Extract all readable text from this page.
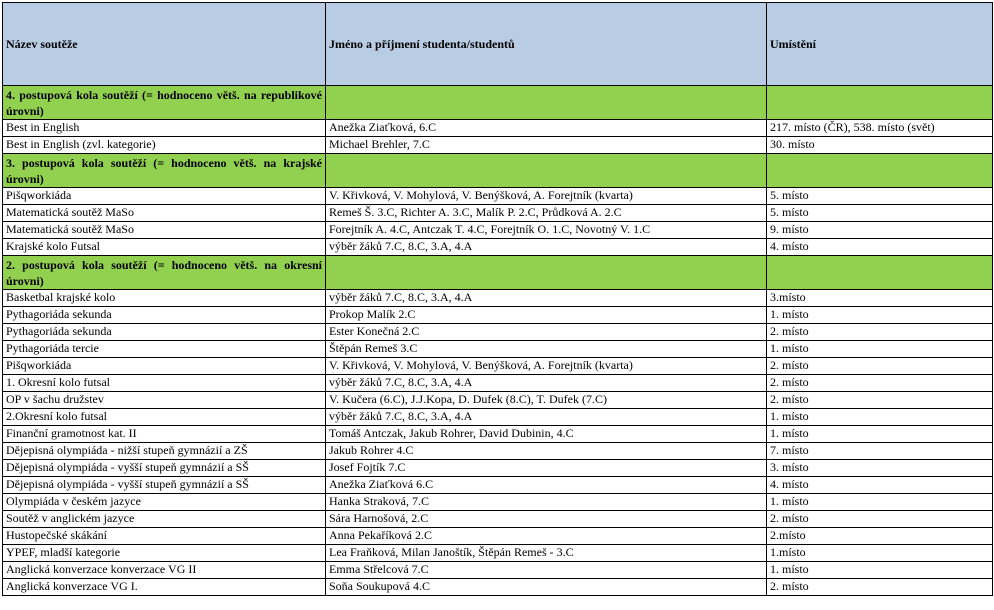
Název soutěže	Jméno a příjmení studenta/studentů	Umístění
4. postupová kola soutěží (= hodnoceno větš. na republikové úrovni)		
Best in English	Anežka Ziaťková, 6.C	217. místo (ČR), 538. místo (svět)
Best in English (zvl. kategorie)	Michael Brehler, 7.C	30. místo
3. postupová kola soutěží (= hodnoceno větš. na krajské úrovni)		
Pišqworkiáda	V. Křivková, V. Mohylová, V. Benýšková, A. Forejtník (kvarta)	5. místo
Matematická soutěž MaSo	Remeš Š. 3.C, Richter A. 3.C, Malík P. 2.C, Průdková A. 2.C	5. místo
Matematická soutěž MaSo	Forejtník A. 4.C, Antczak T. 4.C, Forejtník O. 1.C, Novotný V. 1.C	9. místo
Krajské kolo Futsal	výběr žáků 7.C, 8.C, 3.A, 4.A	4. místo
2. postupová kola soutěží (= hodnoceno větš. na okresní úrovni)		
Basketbal krajské kolo	výběr žáků 7.C, 8.C, 3.A, 4.A	3.místo
Pythagoriáda sekunda	Prokop Malík 2.C	1. místo
Pythagoriáda sekunda	Ester Konečná 2.C	2. místo
Pythagoriáda tercie	Štěpán Remeš 3.C	1. místo
Pišqworkiáda	V. Křivková, V. Mohylová, V. Benýšková, A. Forejtník (kvarta)	2. místo
1. Okresní kolo futsal	výběr žáků 7.C, 8.C, 3.A, 4.A	2. místo
OP v šachu družstev	V. Kučera (6.C), J.J.Kopa, D. Dufek (8.C), T. Dufek (7.C)	2. místo
2.Okresní kolo futsal	výběr žáků 7.C, 8.C, 3.A, 4.A	1. místo
Finanční gramotnost kat. II	Tomáš Antczak, Jakub Rohrer, David Dubinin, 4.C	1. místo
Dějepisná olympiáda - nižší stupeň gymnázií a ZŠ	Jakub Rohrer 4.C	7. místo
Dějepisná olympiáda - vyšší stupeň gymnázií a SŠ	Josef Fojtík 7.C	3. místo
Dějepisná olympiáda - vyšší stupeň gymnázií a SŠ	Anežka Ziaťková 6.C	4. místo
Olympiáda v českém jazyce	Hanka Straková, 7.C	1. místo
Soutěž v anglickém jazyce	Sára Harnošová, 2.C	2. místo
Hustopečské skákání	Anna Pekaříková 2.C	2.místo
YPEF, mladší kategorie	Lea Fraňková, Milan Janoštík, Štěpán Remeš - 3.C	1.místo
Anglická konverzace konverzace VG II	Emma Střelcová 7.C	1. místo
Anglická konverzace VG I.	Soňa Soukupová 4.C	2. místo
